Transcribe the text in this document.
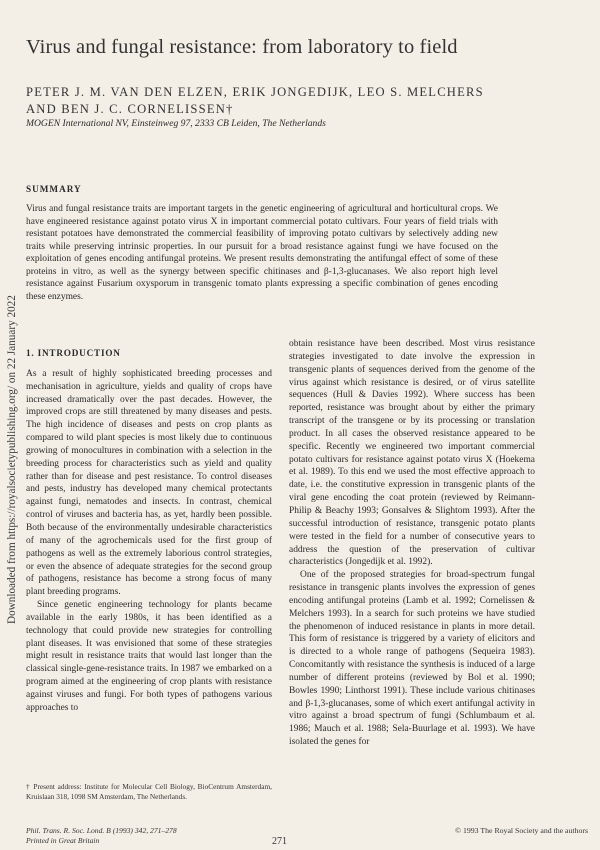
Downloaded from https://royalsocietypublishing.org/ on 22 January 2022
Virus and fungal resistance: from laboratory to field
PETER J. M. VAN DEN ELZEN, ERIK JONGEDIJK, LEO S. MELCHERS
AND BEN J. C. CORNELISSEN†
MOGEN International NV, Einsteinweg 97, 2333 CB Leiden, The Netherlands
SUMMARY
Virus and fungal resistance traits are important targets in the genetic engineering of agricultural and horticultural crops. We have engineered resistance against potato virus X in important commercial potato cultivars. Four years of field trials with resistant potatoes have demonstrated the commercial feasibility of improving potato cultivars by selectively adding new traits while preserving intrinsic properties. In our pursuit for a broad resistance against fungi we have focused on the exploitation of genes encoding antifungal proteins. We present results demonstrating the antifungal effect of some of these proteins in vitro, as well as the synergy between specific chitinases and β-1,3-glucanases. We also report high level resistance against Fusarium oxysporum in transgenic tomato plants expressing a specific combination of genes encoding these enzymes.
1. INTRODUCTION

As a result of highly sophisticated breeding processes and mechanisation in agriculture, yields and quality of crops have increased dramatically over the past decades. However, the improved crops are still threatened by many diseases and pests. The high incidence of diseases and pests on crop plants as compared to wild plant species is most likely due to continuous growing of monocultures in combination with a selection in the breeding process for characteristics such as yield and quality rather than for disease and pest resistance. To control diseases and pests, industry has developed many chemical protectants against fungi, nematodes and insects. In contrast, chemical control of viruses and bacteria has, as yet, hardly been possible. Both because of the environmentally undesirable characteristics of many of the agrochemicals used for the first group of pathogens as well as the extremely laborious control strategies, or even the absence of adequate strategies for the second group of pathogens, resistance has become a strong focus of many plant breeding programs.

Since genetic engineering technology for plants became available in the early 1980s, it has been identified as a technology that could provide new strategies for controlling plant diseases. It was envisioned that some of these strategies might result in resistance traits that would last longer than the classical single-gene-resistance traits. In 1987 we embarked on a program aimed at the engineering of crop plants with resistance against viruses and fungi. For both types of pathogens various approaches to

obtain resistance have been described. Most virus resistance strategies investigated to date involve the expression in transgenic plants of sequences derived from the genome of the virus against which resistance is desired, or of virus satellite sequences (Hull & Davies 1992). Where success has been reported, resistance was brought about by either the primary transcript of the transgene or by its processing or translation product. In all cases the observed resistance appeared to be specific. Recently we engineered two important commercial potato cultivars for resistance against potato virus X (Hoekema et al. 1989). To this end we used the most effective approach to date, i.e. the constitutive expression in transgenic plants of the viral gene encoding the coat protein (reviewed by Reimann-Philip & Beachy 1993; Gonsalves & Slightom 1993). After the successful introduction of resistance, transgenic potato plants were tested in the field for a number of consecutive years to address the question of the preservation of cultivar characteristics (Jongedijk et al. 1992).

One of the proposed strategies for broad-spectrum fungal resistance in transgenic plants involves the expression of genes encoding antifungal proteins (Lamb et al. 1992; Cornelissen & Melchers 1993). In a search for such proteins we have studied the phenomenon of induced resistance in plants in more detail. This form of resistance is triggered by a variety of elicitors and is directed to a whole range of pathogens (Sequeira 1983). Concomitantly with resistance the synthesis is induced of a large number of different proteins (reviewed by Bol et al. 1990; Bowles 1990; Linthorst 1991). These include various chitinases and β-1,3-glucanases, some of which exert antifungal activity in vitro against a broad spectrum of fungi (Schlumbaum et al. 1986; Mauch et al. 1988; Sela-Buurlage et al. 1993). We have isolated the genes for

† Present address: Institute for Molecular Cell Biology, BioCentrum Amsterdam, Kruislaan 318, 1098 SM Amsterdam, The Netherlands.
Phil. Trans. R. Soc. Lond. B (1993) 342, 271–278
Printed in Great Britain	271
© 1993 The Royal Society and the authors
